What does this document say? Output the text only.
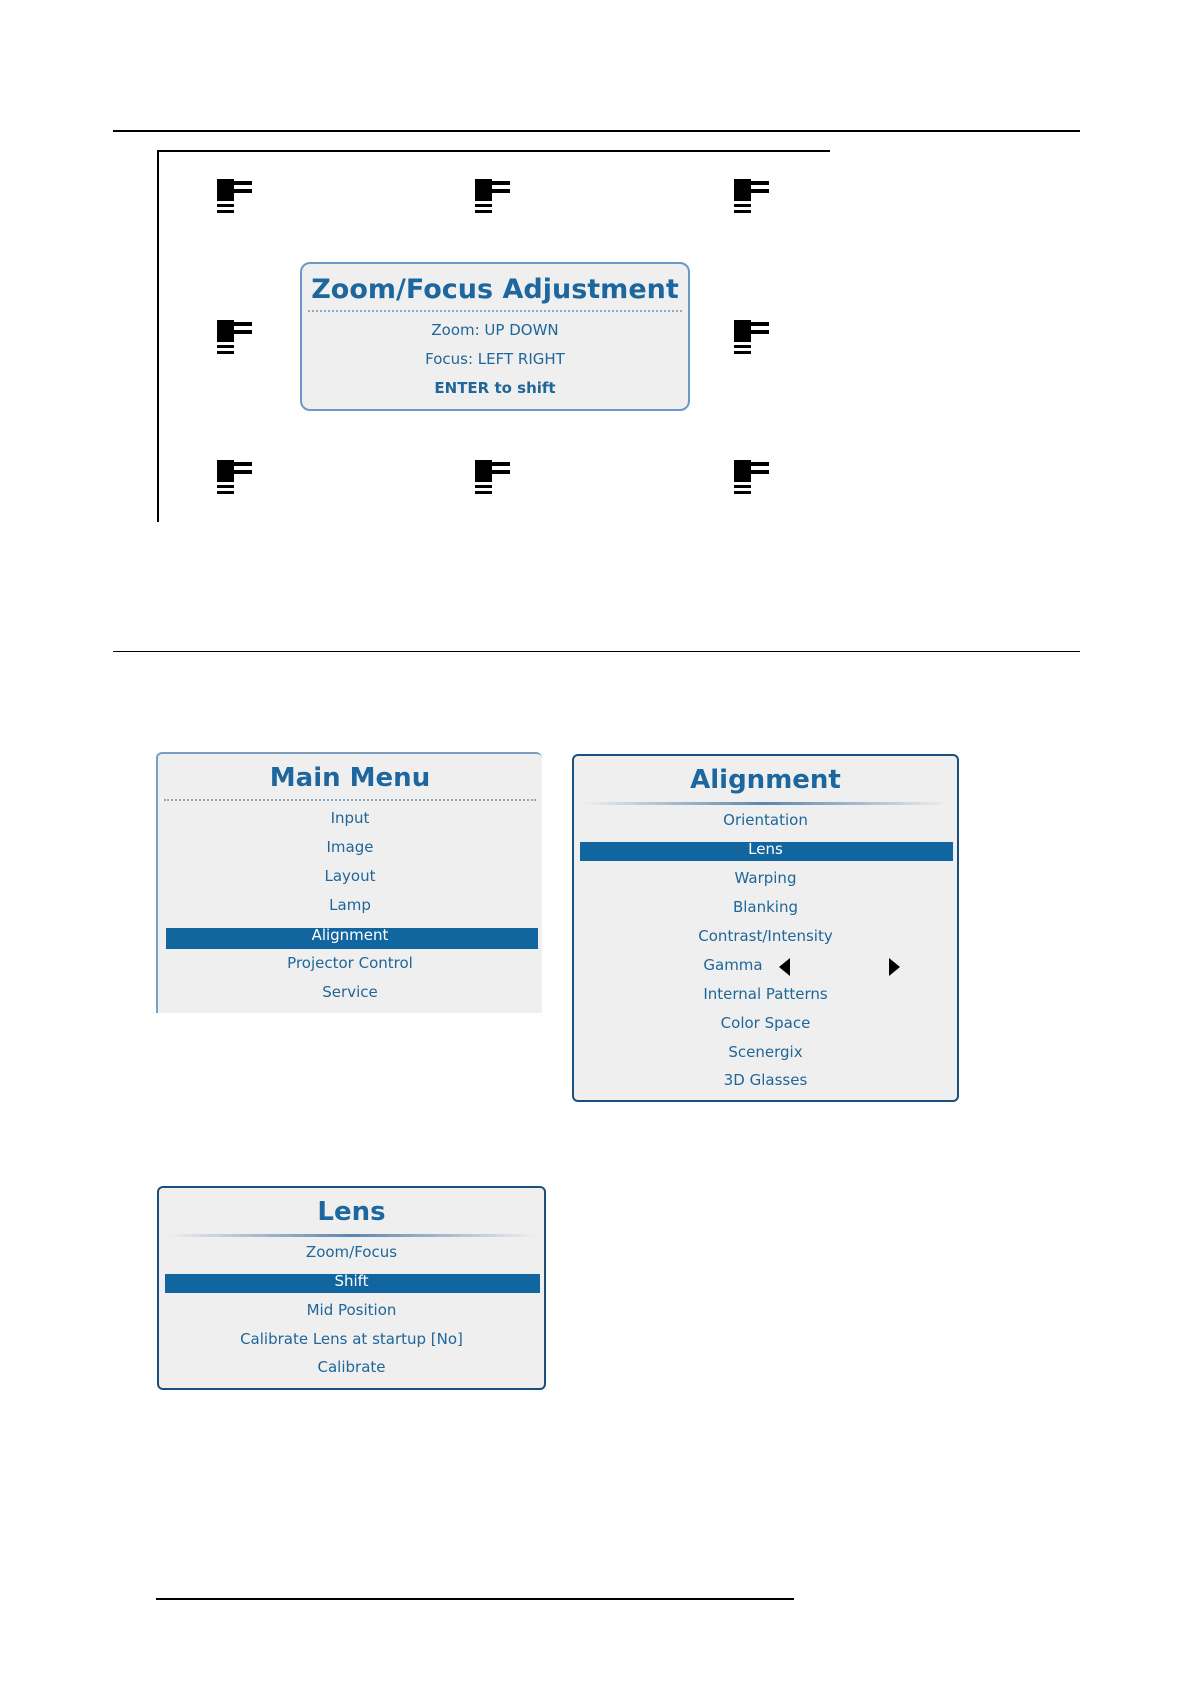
Zoom/Focus Adjustment
Zoom: UP DOWN
Focus: LEFT RIGHT
ENTER to shift
Main Menu
Input
Image
Layout
Lamp
Alignment
Projector Control
Service
Alignment
Orientation
Lens
Warping
Blanking
Contrast/Intensity
Gamma
Internal Patterns
Color Space
Scenergix
3D Glasses
Lens
Zoom/Focus
Shift
Mid Position
Calibrate Lens at startup [No]
Calibrate
